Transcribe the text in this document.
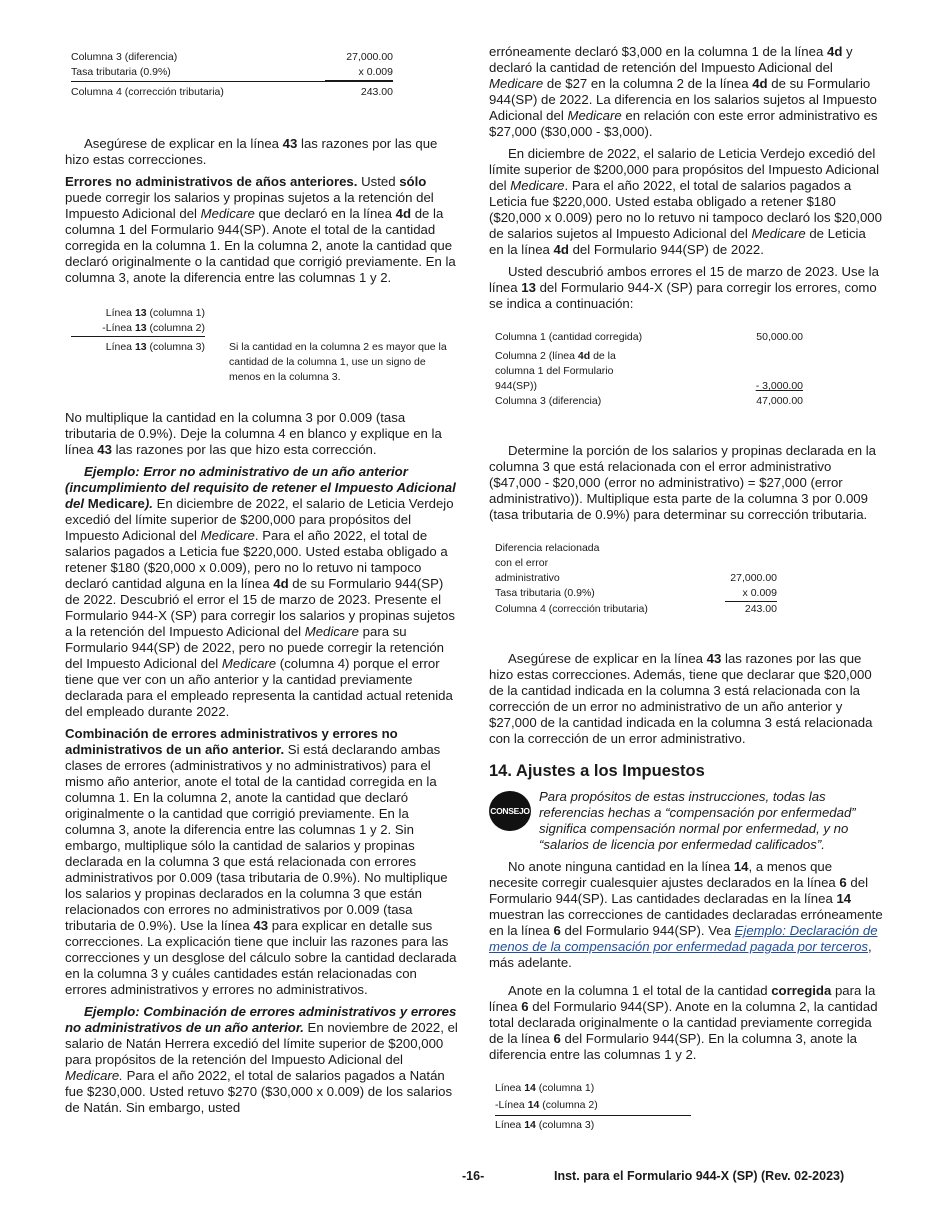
Columna 3 (diferencia)	27,000.00
Tasa tributaria (0.9%)	x 0.009
Columna 4 (corrección tributaria)	243.00

Asegúrese de explicar en la línea 43 las razones por las que hizo estas correcciones.

Errores no administrativos de años anteriores. Usted sólo puede corregir los salarios y propinas sujetos a la retención del Impuesto Adicional del Medicare que declaró en la línea 4d de la columna 1 del Formulario 944(SP). Anote el total de la cantidad corregida en la columna 1. En la columna 2, anote la cantidad que declaró originalmente o la cantidad que corrigió previamente. En la columna 3, anote la diferencia entre las columnas 1 y 2.

Línea 13 (columna 1)
-Línea 13 (columna 2)
Línea 13 (columna 3) Si la cantidad en la columna 2 es mayor que la cantidad de la columna 1, use un signo de menos en la columna 3.

No multiplique la cantidad en la columna 3 por 0.009 (tasa tributaria de 0.9%). Deje la columna 4 en blanco y explique en la línea 43 las razones por las que hizo esta corrección.

Ejemplo: Error no administrativo de un año anterior (incumplimiento del requisito de retener el Impuesto Adicional del Medicare). En diciembre de 2022, el salario de Leticia Verdejo excedió del límite superior de $200,000 para propósitos del Impuesto Adicional del Medicare. Para el año 2022, el total de salarios pagados a Leticia fue $220,000. Usted estaba obligado a retener $180 ($20,000 x 0.009), pero no lo retuvo ni tampoco declaró cantidad alguna en la línea 4d de su Formulario 944(SP) de 2022. Descubrió el error el 15 de marzo de 2023. Presente el Formulario 944-X (SP) para corregir los salarios y propinas sujetos a la retención del Impuesto Adicional del Medicare para su Formulario 944(SP) de 2022, pero no puede corregir la retención del Impuesto Adicional del Medicare (columna 4) porque el error tiene que ver con un año anterior y la cantidad previamente declarada para el empleado representa la cantidad actual retenida del empleado durante 2022.

Combinación de errores administrativos y errores no administrativos de un año anterior. Si está declarando ambas clases de errores (administrativos y no administrativos) para el mismo año anterior, anote el total de la cantidad corregida en la columna 1. En la columna 2, anote la cantidad que declaró originalmente o la cantidad que corrigió previamente. En la columna 3, anote la diferencia entre las columnas 1 y 2. Sin embargo, multiplique sólo la cantidad de salarios y propinas declarada en la columna 3 que está relacionada con errores administrativos por 0.009 (tasa tributaria de 0.9%). No multiplique los salarios y propinas declarados en la columna 3 que están relacionados con errores no administrativos por 0.009 (tasa tributaria de 0.9%). Use la línea 43 para explicar en detalle sus correcciones. La explicación tiene que incluir las razones para las correcciones y un desglose del cálculo sobre la cantidad declarada en la columna 3 y cuáles cantidades están relacionadas con errores administrativos y errores no administrativos.

Ejemplo: Combinación de errores administrativos y errores no administrativos de un año anterior. En noviembre de 2022, el salario de Natán Herrera excedió del límite superior de $200,000 para propósitos de la retención del Impuesto Adicional del Medicare. Para el año 2022, el total de salarios pagados a Natán fue $230,000. Usted retuvo $270 ($30,000 x 0.009) de los salarios de Natán. Sin embargo, usted

erróneamente declaró $3,000 en la columna 1 de la línea 4d y declaró la cantidad de retención del Impuesto Adicional del Medicare de $27 en la columna 2 de la línea 4d de su Formulario 944(SP) de 2022. La diferencia en los salarios sujetos al Impuesto Adicional del Medicare en relación con este error administrativo es $27,000 ($30,000 - $3,000).

En diciembre de 2022, el salario de Leticia Verdejo excedió del límite superior de $200,000 para propósitos del Impuesto Adicional del Medicare. Para el año 2022, el total de salarios pagados a Leticia fue $220,000. Usted estaba obligado a retener $180 ($20,000 x 0.009) pero no lo retuvo ni tampoco declaró los $20,000 de salarios sujetos al Impuesto Adicional del Medicare de Leticia en la línea 4d del Formulario 944(SP) de 2022.

Usted descubrió ambos errores el 15 de marzo de 2023. Use la línea 13 del Formulario 944-X (SP) para corregir los errores, como se indica a continuación:

Columna 1 (cantidad corregida)	50,000.00
Columna 2 (línea 4d de la columna 1 del Formulario 944(SP))	- 3,000.00
Columna 3 (diferencia)	47,000.00

Determine la porción de los salarios y propinas declarada en la columna 3 que está relacionada con el error administrativo ($47,000 - $20,000 (error no administrativo) = $27,000 (error administrativo)). Multiplique esta parte de la columna 3 por 0.009 (tasa tributaria de 0.9%) para determinar su corrección tributaria.

Diferencia relacionada con el error administrativo	27,000.00
Tasa tributaria (0.9%)	x 0.009
Columna 4 (corrección tributaria)	243.00

Asegúrese de explicar en la línea 43 las razones por las que hizo estas correcciones. Además, tiene que declarar que $20,000 de la cantidad indicada en la columna 3 está relacionada con la corrección de un error no administrativo de un año anterior y $27,000 de la cantidad indicada en la columna 3 está relacionada con la corrección de un error administrativo.

14. Ajustes a los Impuestos
CONSEJO

Para propósitos de estas instrucciones, todas las referencias hechas a “compensación por enfermedad” significa compensación normal por enfermedad, y no “salarios de licencia por enfermedad calificados”.

No anote ninguna cantidad en la línea 14, a menos que necesite corregir cualesquier ajustes declarados en la línea 6 del Formulario 944(SP). Las cantidades declaradas en la línea 14 muestran las correcciones de cantidades declaradas erróneamente en la línea 6 del Formulario 944(SP). Vea Ejemplo: Declaración de menos de la compensación por enfermedad pagada por terceros, más adelante.

Anote en la columna 1 el total de la cantidad corregida para la línea 6 del Formulario 944(SP). Anote en la columna 2, la cantidad total declarada originalmente o la cantidad previamente corregida de la línea 6 del Formulario 944(SP). En la columna 3, anote la diferencia entre las columnas 1 y 2.

Línea 14 (columna 1)
-Línea 14 (columna 2)
Línea 14 (columna 3)
-16-	Inst. para el Formulario 944-X (SP) (Rev. 02-2023)
